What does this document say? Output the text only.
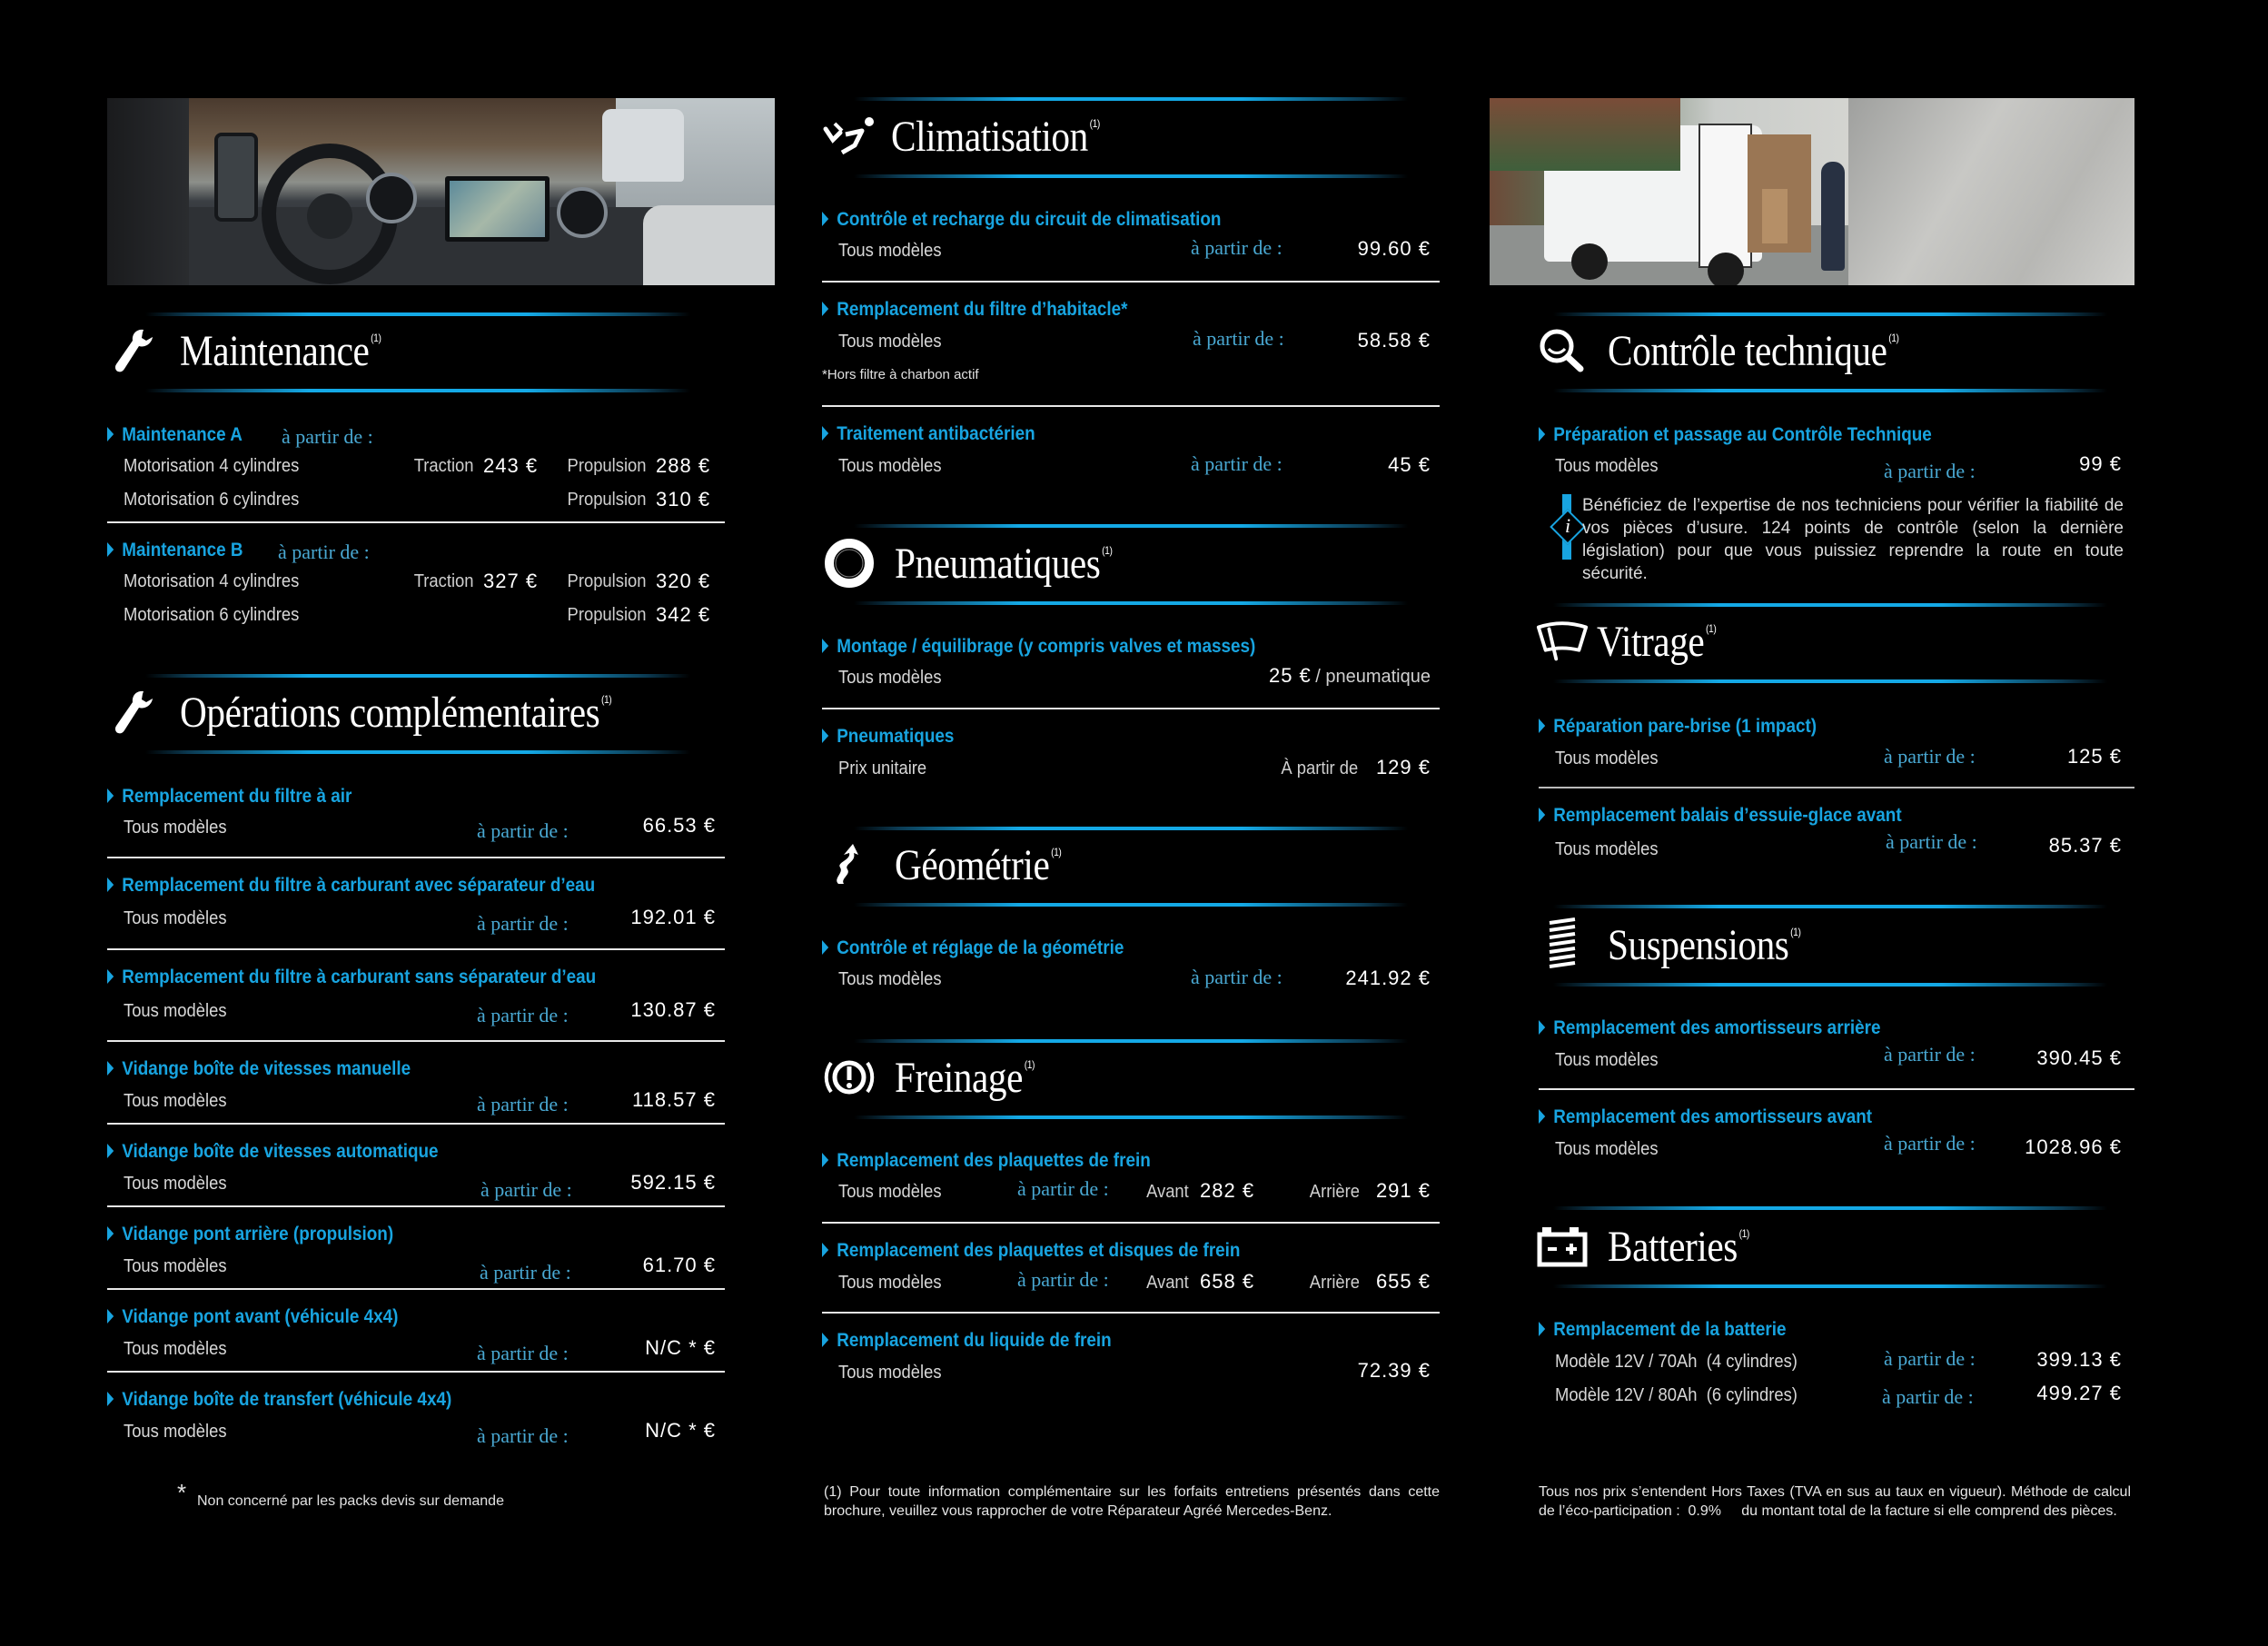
Maintenance $^{(1)}$
Maintenance A à partir de :
Motorisation 4 cylindres	Traction 243 € Propulsion 288 €
Motorisation 6 cylindres	Propulsion 310 €
Maintenance B à partir de :
Motorisation 4 cylindres	Traction 327 € Propulsion 320 €
Motorisation 6 cylindres	Propulsion 342 €
Opérations complémentaires $^{(1)}$
Remplacement du filtre à air
Tous modèles	à partir de :	66.53 €
Remplacement du filtre à carburant avec séparateur d’eau
Tous modèles	à partir de :	192.01 €
Remplacement du filtre à carburant sans séparateur d’eau
Tous modèles	à partir de :	130.87 €
Vidange boîte de vitesses manuelle
Tous modèles	à partir de :	118.57 €
Vidange boîte de vitesses automatique
Tous modèles	à partir de :	592.15 €
Vidange pont arrière (propulsion)
Tous modèles	à partir de :	61.70 €
Vidange pont avant (véhicule 4x4)
Tous modèles	à partir de :	N/C * €
Vidange boîte de transfert (véhicule 4x4)
Tous modèles	à partir de :	N/C * €
* Non concerné par les packs devis sur demande
Climatisation $^{(1)}$
Contrôle et recharge du circuit de climatisation
Tous modèles	à partir de :	99.60 €
Remplacement du filtre d’habitacle*
Tous modèles	à partir de :	58.58 €
*Hors filtre à charbon actif
Traitement antibactérien
Tous modèles	à partir de :	45 €
Pneumatiques $^{(1)}$
Montage / équilibrage (y compris valves et masses)
Tous modèles	25 € / pneumatique
Pneumatiques
Prix unitaire	À partir de 129 €
Géométrie $^{(1)}$
Contrôle et réglage de la géométrie
Tous modèles	à partir de :	241.92 €
Freinage $^{(1)}$
Remplacement des plaquettes de frein
Tous modèles	à partir de : Avant 282 €	Arrière 291 €
Remplacement des plaquettes et disques de frein
Tous modèles	à partir de : Avant 658 €	Arrière 655 €
Remplacement du liquide de frein
Tous modèles	72.39 €
(1) Pour toute information complémentaire sur les forfaits entretiens présentés dans cette brochure, veuillez vous rapprocher de votre Réparateur Agréé Mercedes-Benz.
Contrôle technique $^{(1)}$
Préparation et passage au Contrôle Technique
Tous modèles	à partir de :	99 €
i
Bénéficiez de l’expertise de nos techniciens pour vérifier la fiabilité de vos pièces d’usure. 124 points de contrôle (selon la dernière législation) pour que vous puissiez reprendre la route en toute sécurité.
Vitrage $^{(1)}$
Réparation pare-brise (1 impact)
Tous modèles	à partir de :	125 €
Remplacement balais d’essuie-glace avant
Tous modèles	à partir de :	85.37 €
Suspensions $^{(1)}$
Remplacement des amortisseurs arrière
Tous modèles	à partir de :	390.45 €
Remplacement des amortisseurs avant
Tous modèles	à partir de : 1028.96 €
Batteries $^{(1)}$
Remplacement de la batterie
Modèle 12V / 70Ah  (4 cylindres)	à partir de :	399.13 €
Modèle 12V / 80Ah  (6 cylindres)	à partir de :	499.27 €
Tous nos prix s’entendent Hors Taxes (TVA en sus au taux en vigueur). Méthode de calcul de l’éco-participation :  0.9%     du montant total de la facture si elle comprend des pièces.
